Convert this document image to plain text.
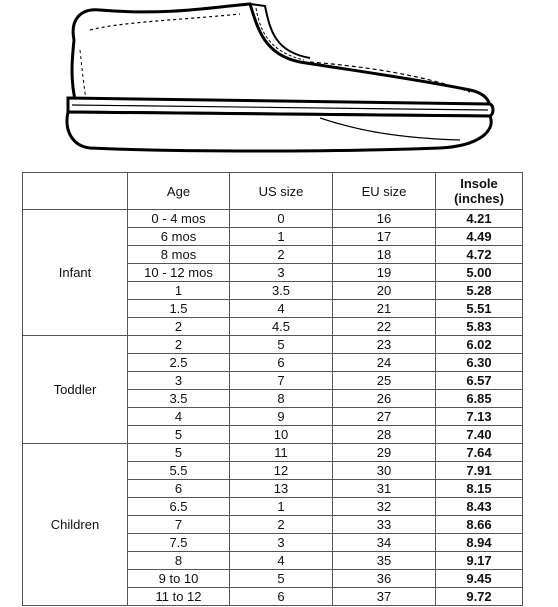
	Age	US size	EU size	Insole
(inches)
Infant	0 - 4 mos	0	16	4.21
	6 mos	1	17	4.49
	8 mos	2	18	4.72
	10 - 12 mos	3	19	5.00
	1	3.5	20	5.28
	1.5	4	21	5.51
	2	4.5	22	5.83
Toddler	2	5	23	6.02
	2.5	6	24	6.30
	3	7	25	6.57
	3.5	8	26	6.85
	4	9	27	7.13
	5	10	28	7.40
Children	5	11	29	7.64
	5.5	12	30	7.91
	6	13	31	8.15
	6.5	1	32	8.43
	7	2	33	8.66
	7.5	3	34	8.94
	8	4	35	9.17
	9 to 10	5	36	9.45
	11 to 12	6	37	9.72
